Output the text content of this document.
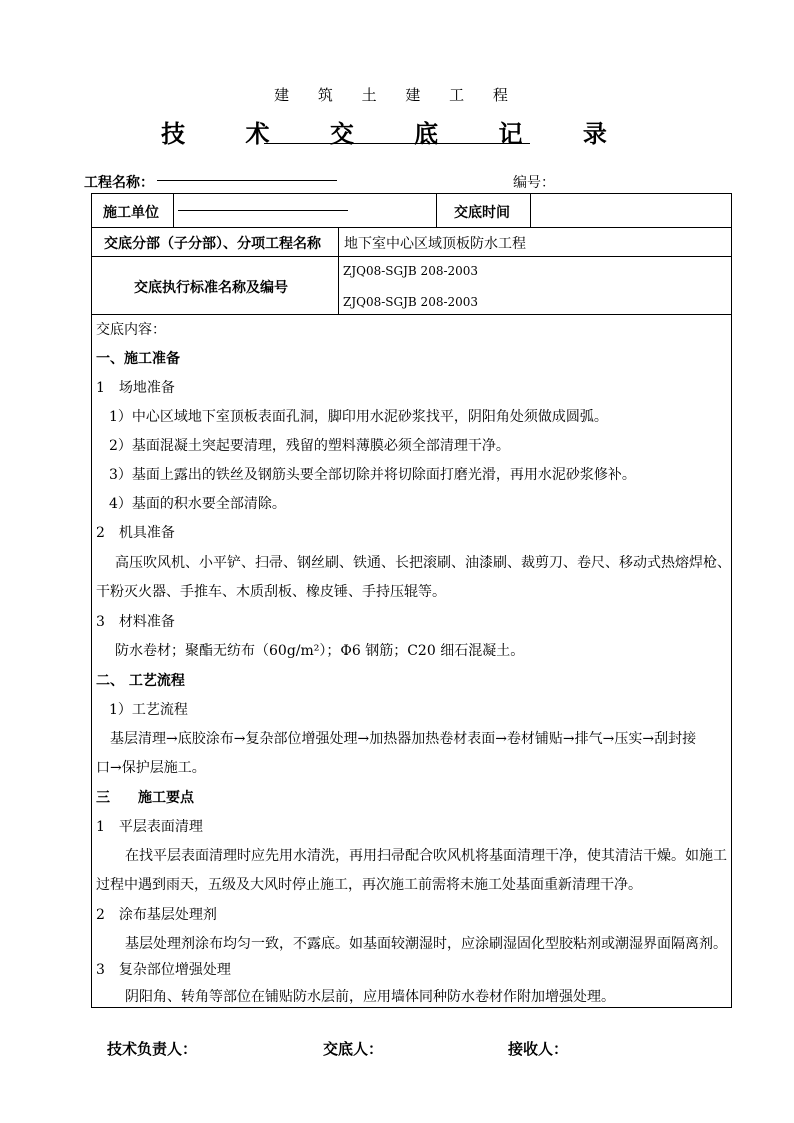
建 筑 土 建 工 程
技 术 交 底 记 录
工程名称：	编号：
施工单位	交底时间
交底分部（子分部）、分项工程名称 地下室中心区域顶板防水工程
交底执行标准名称及编号
ZJQ08-SGJB 208-2003
ZJQ08-SGJB 208-2003
交底内容：
一、施工准备
1　场地准备
1）中心区域地下室顶板表面孔洞，脚印用水泥砂浆找平，阴阳角处须做成圆弧。
2）基面混凝土突起要清理，残留的塑料薄膜必须全部清理干净。
3）基面上露出的铁丝及钢筋头要全部切除并将切除面打磨光滑，再用水泥砂浆修补。
4）基面的积水要全部清除。
2　机具准备
高压吹风机、小平铲、扫帚、钢丝刷、铁通、长把滚刷、油漆刷、裁剪刀、卷尺、移动式热熔焊枪、
干粉灭火器、手推车、木质刮板、橡皮锤、手持压辊等。
3　材料准备
防水卷材；聚酯无纺布（60g/m²）；Φ6 钢筋；C20 细石混凝土。
二、 工艺流程
1）工艺流程
基层清理→底胶涂布→复杂部位增强处理→加热器加热卷材表面→卷材铺贴→排气→压实→刮封接
口→保护层施工。
三　　施工要点
1　平层表面清理
在找平层表面清理时应先用水清洗，再用扫帚配合吹风机将基面清理干净，使其清洁干燥。如施工
过程中遇到雨天，五级及大风时停止施工，再次施工前需将未施工处基面重新清理干净。
2　涂布基层处理剂
基层处理剂涂布均匀一致，不露底。如基面较潮湿时，应涂刷湿固化型胶粘剂或潮湿界面隔离剂。
3　复杂部位增强处理
阴阳角、转角等部位在铺贴防水层前，应用墙体同种防水卷材作附加增强处理。
技术负责人：	交底人：	接收人：
